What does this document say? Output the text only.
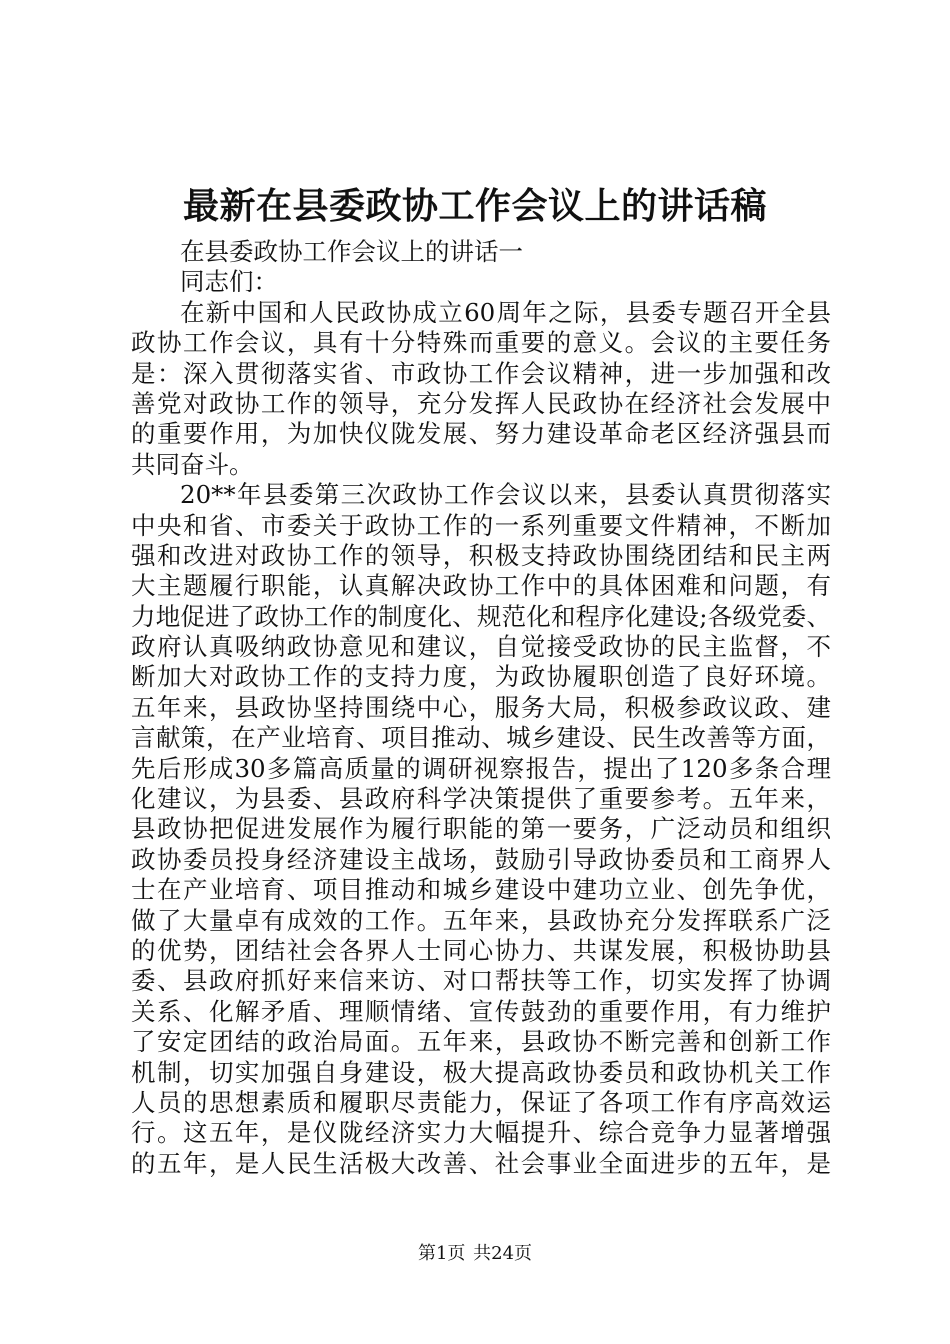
最新在县委政协工作会议上的讲话稿
在县委政协工作会议上的讲话一
同志们：
在新中国和人民政协成立60周年之际，县委专题召开全县
政协工作会议，具有十分特殊而重要的意义。会议的主要任务
是：深入贯彻落实省、市政协工作会议精神，进一步加强和改
善党对政协工作的领导，充分发挥人民政协在经济社会发展中
的重要作用，为加快仪陇发展、努力建设革命老区经济强县而
共同奋斗。
20**年县委第三次政协工作会议以来，县委认真贯彻落实
中央和省、市委关于政协工作的一系列重要文件精神，不断加
强和改进对政协工作的领导，积极支持政协围绕团结和民主两
大主题履行职能，认真解决政协工作中的具体困难和问题，有
力地促进了政协工作的制度化、规范化和程序化建设;各级党委、
政府认真吸纳政协意见和建议，自觉接受政协的民主监督，不
断加大对政协工作的支持力度，为政协履职创造了良好环境。
五年来，县政协坚持围绕中心，服务大局，积极参政议政、建
言献策，在产业培育、项目推动、城乡建设、民生改善等方面，
先后形成30多篇高质量的调研视察报告，提出了120多条合理
化建议，为县委、县政府科学决策提供了重要参考。五年来，
县政协把促进发展作为履行职能的第一要务，广泛动员和组织
政协委员投身经济建设主战场，鼓励引导政协委员和工商界人
士在产业培育、项目推动和城乡建设中建功立业、创先争优，
做了大量卓有成效的工作。五年来，县政协充分发挥联系广泛
的优势，团结社会各界人士同心协力、共谋发展，积极协助县
委、县政府抓好来信来访、对口帮扶等工作，切实发挥了协调
关系、化解矛盾、理顺情绪、宣传鼓劲的重要作用，有力维护
了安定团结的政治局面。五年来，县政协不断完善和创新工作
机制，切实加强自身建设，极大提高政协委员和政协机关工作
人员的思想素质和履职尽责能力，保证了各项工作有序高效运
行。这五年，是仪陇经济实力大幅提升、综合竞争力显著增强
的五年，是人民生活极大改善、社会事业全面进步的五年，是
第1页 共24页
